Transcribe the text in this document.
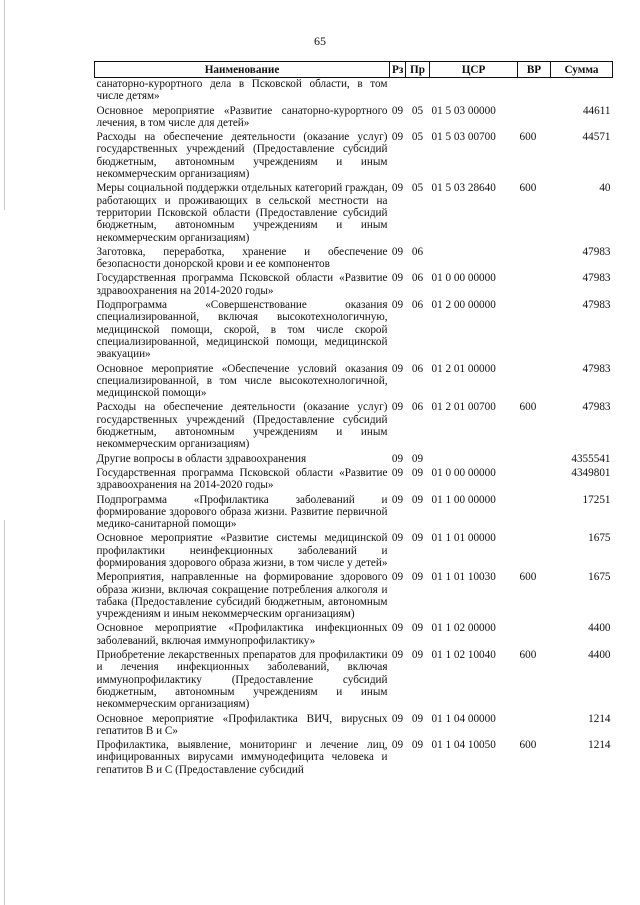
65
Наименование	Рз	Пр	ЦСР	ВР	Сумма
санаторно-курортного дела в Псковской области, в том числе детям»					
Основное мероприятие «Развитие санаторно-курортного лечения, в том числе для детей»	09	05	01 5 03 00000		44611
Расходы на обеспечение деятельности (оказание услуг) государственных учреждений (Предоставление субсидий бюджетным, автономным учреждениям и иным некоммерческим организациям)	09	05	01 5 03 00700	600	44571
Меры социальной поддержки отдельных категорий граждан, работающих и проживающих в сельской местности на территории Псковской области (Предоставление субсидий бюджетным, автономным учреждениям и иным некоммерческим организациям)	09	05	01 5 03 28640	600	40
Заготовка, переработка, хранение и обеспечение безопасности донорской крови и ее компонентов	09	06			47983
Государственная программа Псковской области «Развитие здравоохранения на 2014-2020 годы»	09	06	01 0 00 00000		47983
Подпрограмма «Совершенствование оказания специализированной, включая высокотехнологичную, медицинской помощи, скорой, в том числе скорой специализированной, медицинской помощи, медицинской эвакуации»	09	06	01 2 00 00000		47983
Основное мероприятие «Обеспечение условий оказания специализированной, в том числе высокотехнологичной, медицинской помощи»	09	06	01 2 01 00000		47983
Расходы на обеспечение деятельности (оказание услуг) государственных учреждений (Предоставление субсидий бюджетным, автономным учреждениям и иным некоммерческим организациям)	09	06	01 2 01 00700	600	47983
Другие вопросы в области здравоохранения	09	09			4355541
Государственная программа Псковской области «Развитие здравоохранения на 2014-2020 годы»	09	09	01 0 00 00000		4349801
Подпрограмма «Профилактика заболеваний и формирование здорового образа жизни. Развитие первичной медико-санитарной помощи»	09	09	01 1 00 00000		17251
Основное мероприятие «Развитие системы медицинской профилактики неинфекционных заболеваний и формирования здорового образа жизни, в том числе у детей»	09	09	01 1 01 00000		1675
Мероприятия, направленные на формирование здорового образа жизни, включая сокращение потребления алкоголя и табака (Предоставление субсидий бюджетным, автономным учреждениям и иным некоммерческим организациям)	09	09	01 1 01 10030	600	1675
Основное мероприятие «Профилактика инфекционных заболеваний, включая иммунопрофилактику»	09	09	01 1 02 00000		4400
Приобретение лекарственных препаратов для профилактики и лечения инфекционных заболеваний, включая иммунопрофилактику (Предоставление субсидий бюджетным, автономным учреждениям и иным некоммерческим организациям)	09	09	01 1 02 10040	600	4400
Основное мероприятие «Профилактика ВИЧ, вирусных гепатитов В и С»	09	09	01 1 04 00000		1214
Профилактика, выявление, мониторинг и лечение лиц, инфицированных вирусами иммунодефицита человека и гепатитов В и С (Предоставление субсидий	09	09	01 1 04 10050	600	1214
